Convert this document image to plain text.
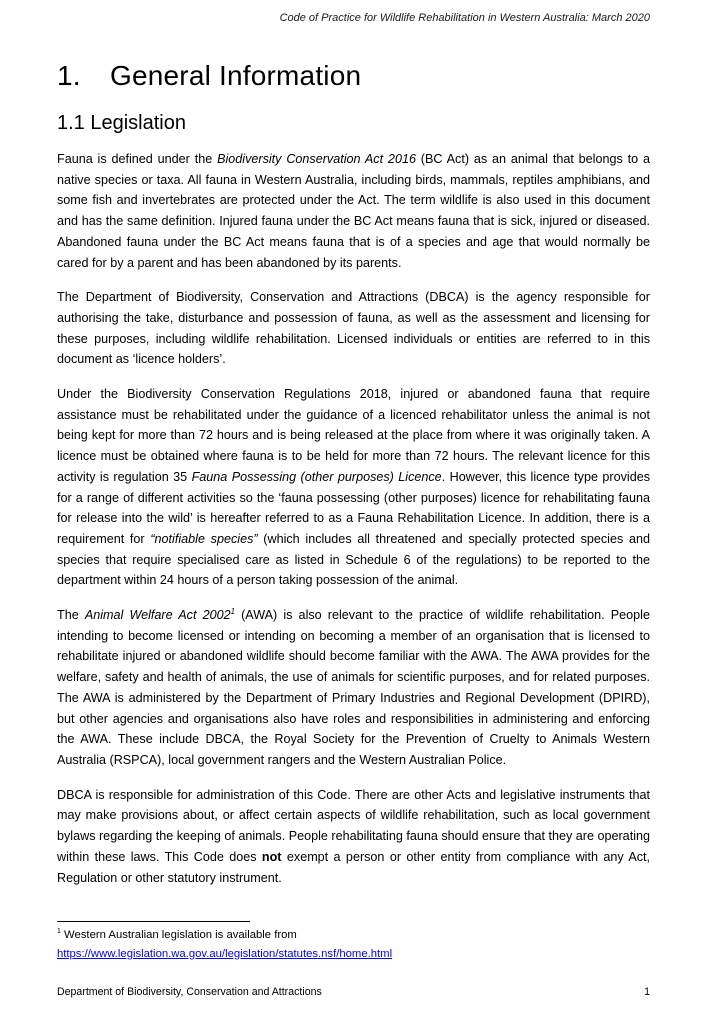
Code of Practice for Wildlife Rehabilitation in Western Australia: March 2020
1. General Information
1.1 Legislation

Fauna is defined under the Biodiversity Conservation Act 2016 (BC Act) as an animal that belongs to a native species or taxa. All fauna in Western Australia, including birds, mammals, reptiles amphibians, and some fish and invertebrates are protected under the Act. The term wildlife is also used in this document and has the same definition. Injured fauna under the BC Act means fauna that is sick, injured or diseased. Abandoned fauna under the BC Act means fauna that is of a species and age that would normally be cared for by a parent and has been abandoned by its parents.

The Department of Biodiversity, Conservation and Attractions (DBCA) is the agency responsible for authorising the take, disturbance and possession of fauna, as well as the assessment and licensing for these purposes, including wildlife rehabilitation. Licensed individuals or entities are referred to in this document as ‘licence holders’.

Under the Biodiversity Conservation Regulations 2018, injured or abandoned fauna that require assistance must be rehabilitated under the guidance of a licenced rehabilitator unless the animal is not being kept for more than 72 hours and is being released at the place from where it was originally taken. A licence must be obtained where fauna is to be held for more than 72 hours. The relevant licence for this activity is regulation 35 Fauna Possessing (other purposes) Licence. However, this licence type provides for a range of different activities so the ‘fauna possessing (other purposes) licence for rehabilitating fauna for release into the wild’ is hereafter referred to as a Fauna Rehabilitation Licence. In addition, there is a requirement for “notifiable species” (which includes all threatened and specially protected species and species that require specialised care as listed in Schedule 6 of the regulations) to be reported to the department within 24 hours of a person taking possession of the animal.

The Animal Welfare Act 2002$^1$ (AWA) is also relevant to the practice of wildlife rehabilitation. People intending to become licensed or intending on becoming a member of an organisation that is licensed to rehabilitate injured or abandoned wildlife should become familiar with the AWA. The AWA provides for the welfare, safety and health of animals, the use of animals for scientific purposes, and for related purposes. The AWA is administered by the Department of Primary Industries and Regional Development (DPIRD), but other agencies and organisations also have roles and responsibilities in administering and enforcing the AWA. These include DBCA, the Royal Society for the Prevention of Cruelty to Animals Western Australia (RSPCA), local government rangers and the Western Australian Police.

DBCA is responsible for administration of this Code. There are other Acts and legislative instruments that may make provisions about, or affect certain aspects of wildlife rehabilitation, such as local government bylaws regarding the keeping of animals. People rehabilitating fauna should ensure that they are operating within these laws. This Code does not exempt a person or other entity from compliance with any Act, Regulation or other statutory instrument.

$^1$ Western Australian legislation is available from
https://www.legislation.wa.gov.au/legislation/statutes.nsf/home.html
Department of Biodiversity, Conservation and Attractions	1
